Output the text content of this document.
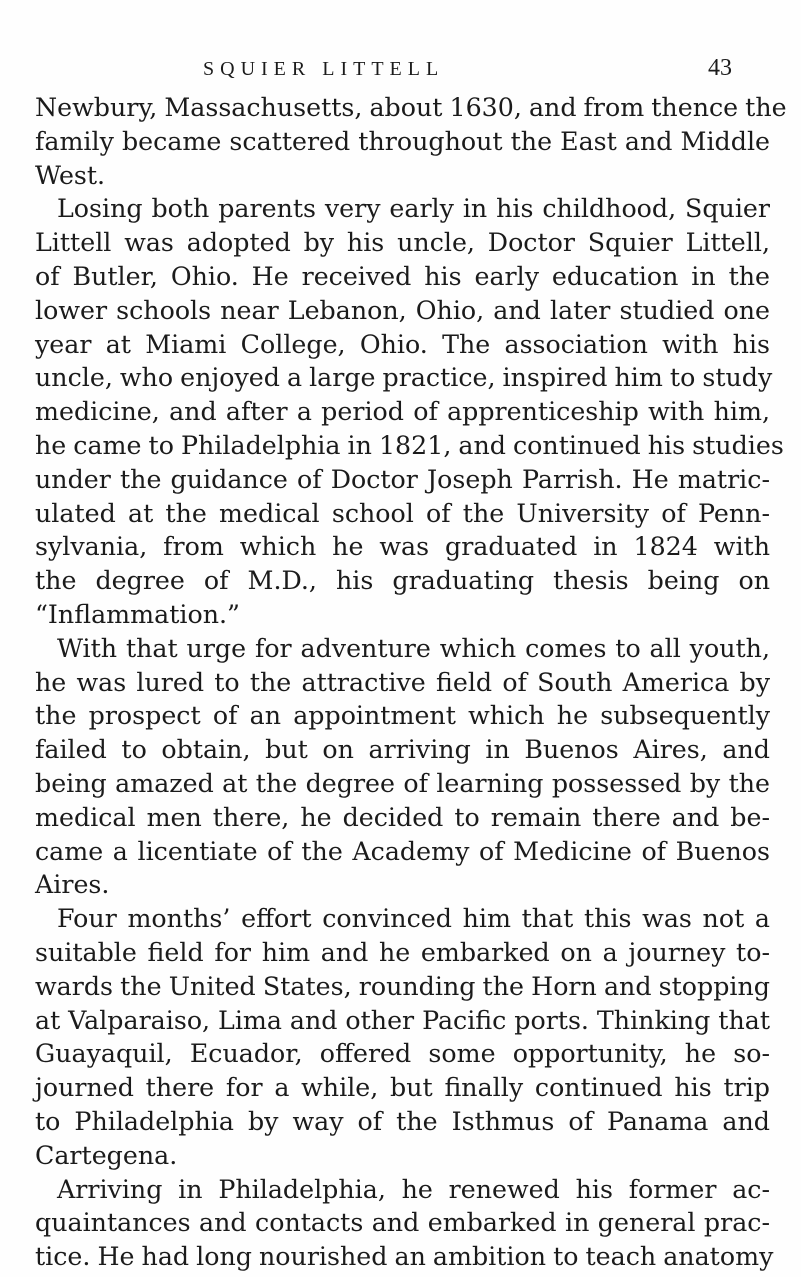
SQUIER LITTELL	43
Newbury, Massachusetts, about 1630, and from thence the
family became scattered throughout the East and Middle
West.
Losing both parents very early in his childhood, Squier
Littell was adopted by his uncle, Doctor Squier Littell,
of Butler, Ohio. He received his early education in the
lower schools near Lebanon, Ohio, and later studied one
year at Miami College, Ohio. The association with his
uncle, who enjoyed a large practice, inspired him to study
medicine, and after a period of apprenticeship with him,
he came to Philadelphia in 1821, and continued his studies
under the guidance of Doctor Joseph Parrish. He matric-
ulated at the medical school of the University of Penn-
sylvania, from which he was graduated in 1824 with
the degree of M.D., his graduating thesis being on
“Inflammation.”
With that urge for adventure which comes to all youth,
he was lured to the attractive field of South America by
the prospect of an appointment which he subsequently
failed to obtain, but on arriving in Buenos Aires, and
being amazed at the degree of learning possessed by the
medical men there, he decided to remain there and be-
came a licentiate of the Academy of Medicine of Buenos
Aires.
Four months’ effort convinced him that this was not a
suitable field for him and he embarked on a journey to-
wards the United States, rounding the Horn and stopping
at Valparaiso, Lima and other Pacific ports. Thinking that
Guayaquil, Ecuador, offered some opportunity, he so-
journed there for a while, but finally continued his trip
to Philadelphia by way of the Isthmus of Panama and
Cartegena.
Arriving in Philadelphia, he renewed his former ac-
quaintances and contacts and embarked in general prac-
tice. He had long nourished an ambition to teach anatomy
